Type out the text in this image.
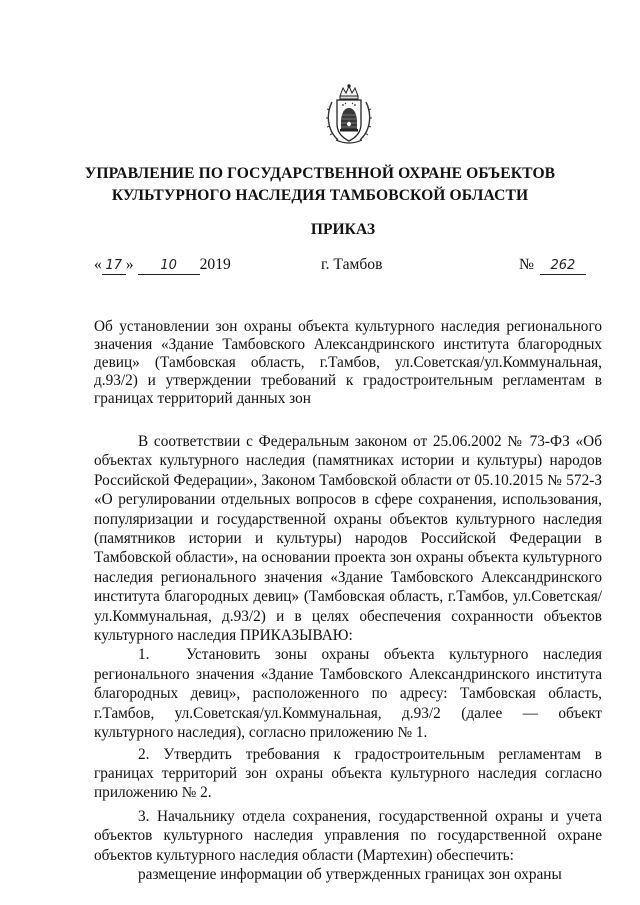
УПРАВЛЕНИЕ ПО ГОСУДАРСТВЕННОЙ ОХРАНЕ ОБЪЕКТОВ
КУЛЬТУРНОГО НАСЛЕДИЯ ТАМБОВСКОЙ ОБЛАСТИ
ПРИКАЗ
« 17 » 10 2019	г. Тамбов	№ 262

Об установлении зон охраны объекта культурного наследия регионального значения «Здание Тамбовского Александринского института благородных девиц» (Тамбовская область, г.Тамбов, ул.Советская/ул.Коммунальная, д.93/2) и утверждении требований к градостроительным регламентам в границах территорий данных зон

В соответствии с Федеральным законом от 25.06.2002 № 73-ФЗ «Об объектах культурного наследия (памятниках истории и культуры) народов Российской Федерации», Законом Тамбовской области от 05.10.2015 № 572-З «О регулировании отдельных вопросов в сфере сохранения, использования, популяризации и государственной охраны объектов культурного наследия (памятников истории и культуры) народов Российской Федерации в Тамбовской области», на основании проекта зон охраны объекта культурного наследия регионального значения «Здание Тамбовского Александринского института благородных девиц» (Тамбовская область, г.Тамбов, ул.Советская/ул.Коммунальная, д.93/2) и в целях обеспечения сохранности объектов культурного наследия ПРИКАЗЫВАЮ:

1. Установить зоны охраны объекта культурного наследия регионального значения «Здание Тамбовского Александринского института благородных девиц», расположенного по адресу: Тамбовская область, г.Тамбов, ул.Советская/ул.Коммунальная, д.93/2 (далее — объект культурного наследия), согласно приложению № 1.

2. Утвердить требования к градостроительным регламентам в границах территорий зон охраны объекта культурного наследия согласно приложению № 2.

3. Начальнику отдела сохранения, государственной охраны и учета объектов культурного наследия управления по государственной охране объектов культурного наследия области (Мартехин) обеспечить:

размещение информации об утвержденных границах зон охраны
